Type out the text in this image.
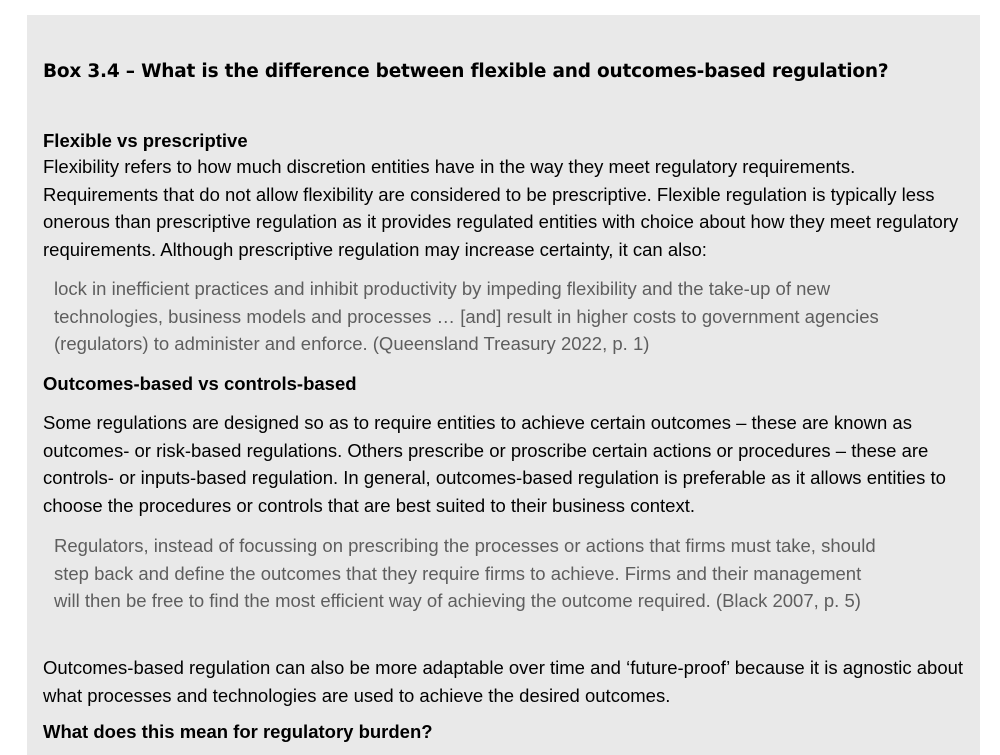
Box 3.4 – What is the difference between flexible and outcomes-based regulation?
Flexible vs prescriptive

Flexibility refers to how much discretion entities have in the way they meet regulatory requirements. Requirements that do not allow flexibility are considered to be prescriptive. Flexible regulation is typically less onerous than prescriptive regulation as it provides regulated entities with choice about how they meet regulatory requirements. Although prescriptive regulation may increase certainty, it can also:

lock in inefficient practices and inhibit productivity by impeding flexibility and the take-up of new technologies, business models and processes … [and] result in higher costs to government agencies (regulators) to administer and enforce. (Queensland Treasury 2022, p. 1)

Outcomes-based vs controls-based

Some regulations are designed so as to require entities to achieve certain outcomes – these are known as outcomes- or risk-based regulations. Others prescribe or proscribe certain actions or procedures – these are controls- or inputs-based regulation. In general, outcomes-based regulation is preferable as it allows entities to choose the procedures or controls that are best suited to their business context.

Regulators, instead of focussing on prescribing the processes or actions that firms must take, should step back and define the outcomes that they require firms to achieve. Firms and their management will then be free to find the most efficient way of achieving the outcome required. (Black 2007, p. 5)

Outcomes-based regulation can also be more adaptable over time and ‘future-proof’ because it is agnostic about what processes and technologies are used to achieve the desired outcomes.

What does this mean for regulatory burden?
